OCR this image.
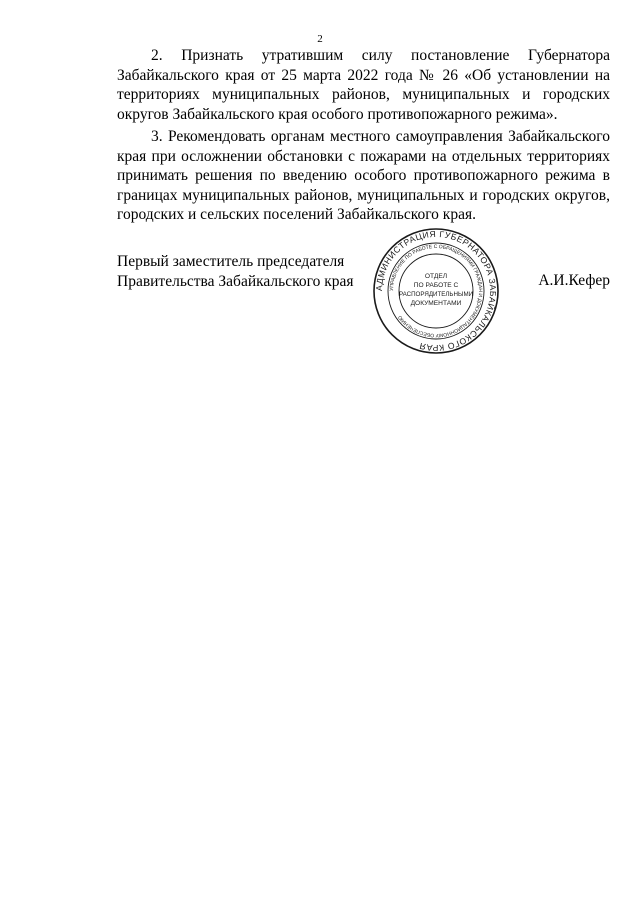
2

2. Признать утратившим силу постановление Губернатора Забайкальского края от 25 марта 2022 года № 26 «Об установлении на территориях муниципальных районов, муниципальных и городских округов Забайкальского края особого противопожарного режима».

3. Рекомендовать органам местного самоуправления Забайкальского края при осложнении обстановки с пожарами на отдельных территориях принимать решения по введению особого противопожарного режима в границах муниципальных районов, муниципальных и городских округов, городских и сельских поселений Забайкальского края.

Первый заместитель председателя
Правительства Забайкальского края	А.И.Кефер
АДМИНИСТРАЦИЯ ГУБЕРНАТОРА ЗАБАЙКАЛЬСКОГО КРАЯ
УПРАВЛЕНИЕ ПО РАБОТЕ С ОБРАЩЕНИЯМИ ГРАЖДАН И ДОКУМЕНТАЦИОННОМУ ОБЕСПЕЧЕНИЮ
ОТДЕЛ
ПО РАБОТЕ С
РАСПОРЯДИТЕЛЬНЫМИ
ДОКУМЕНТАМИ
